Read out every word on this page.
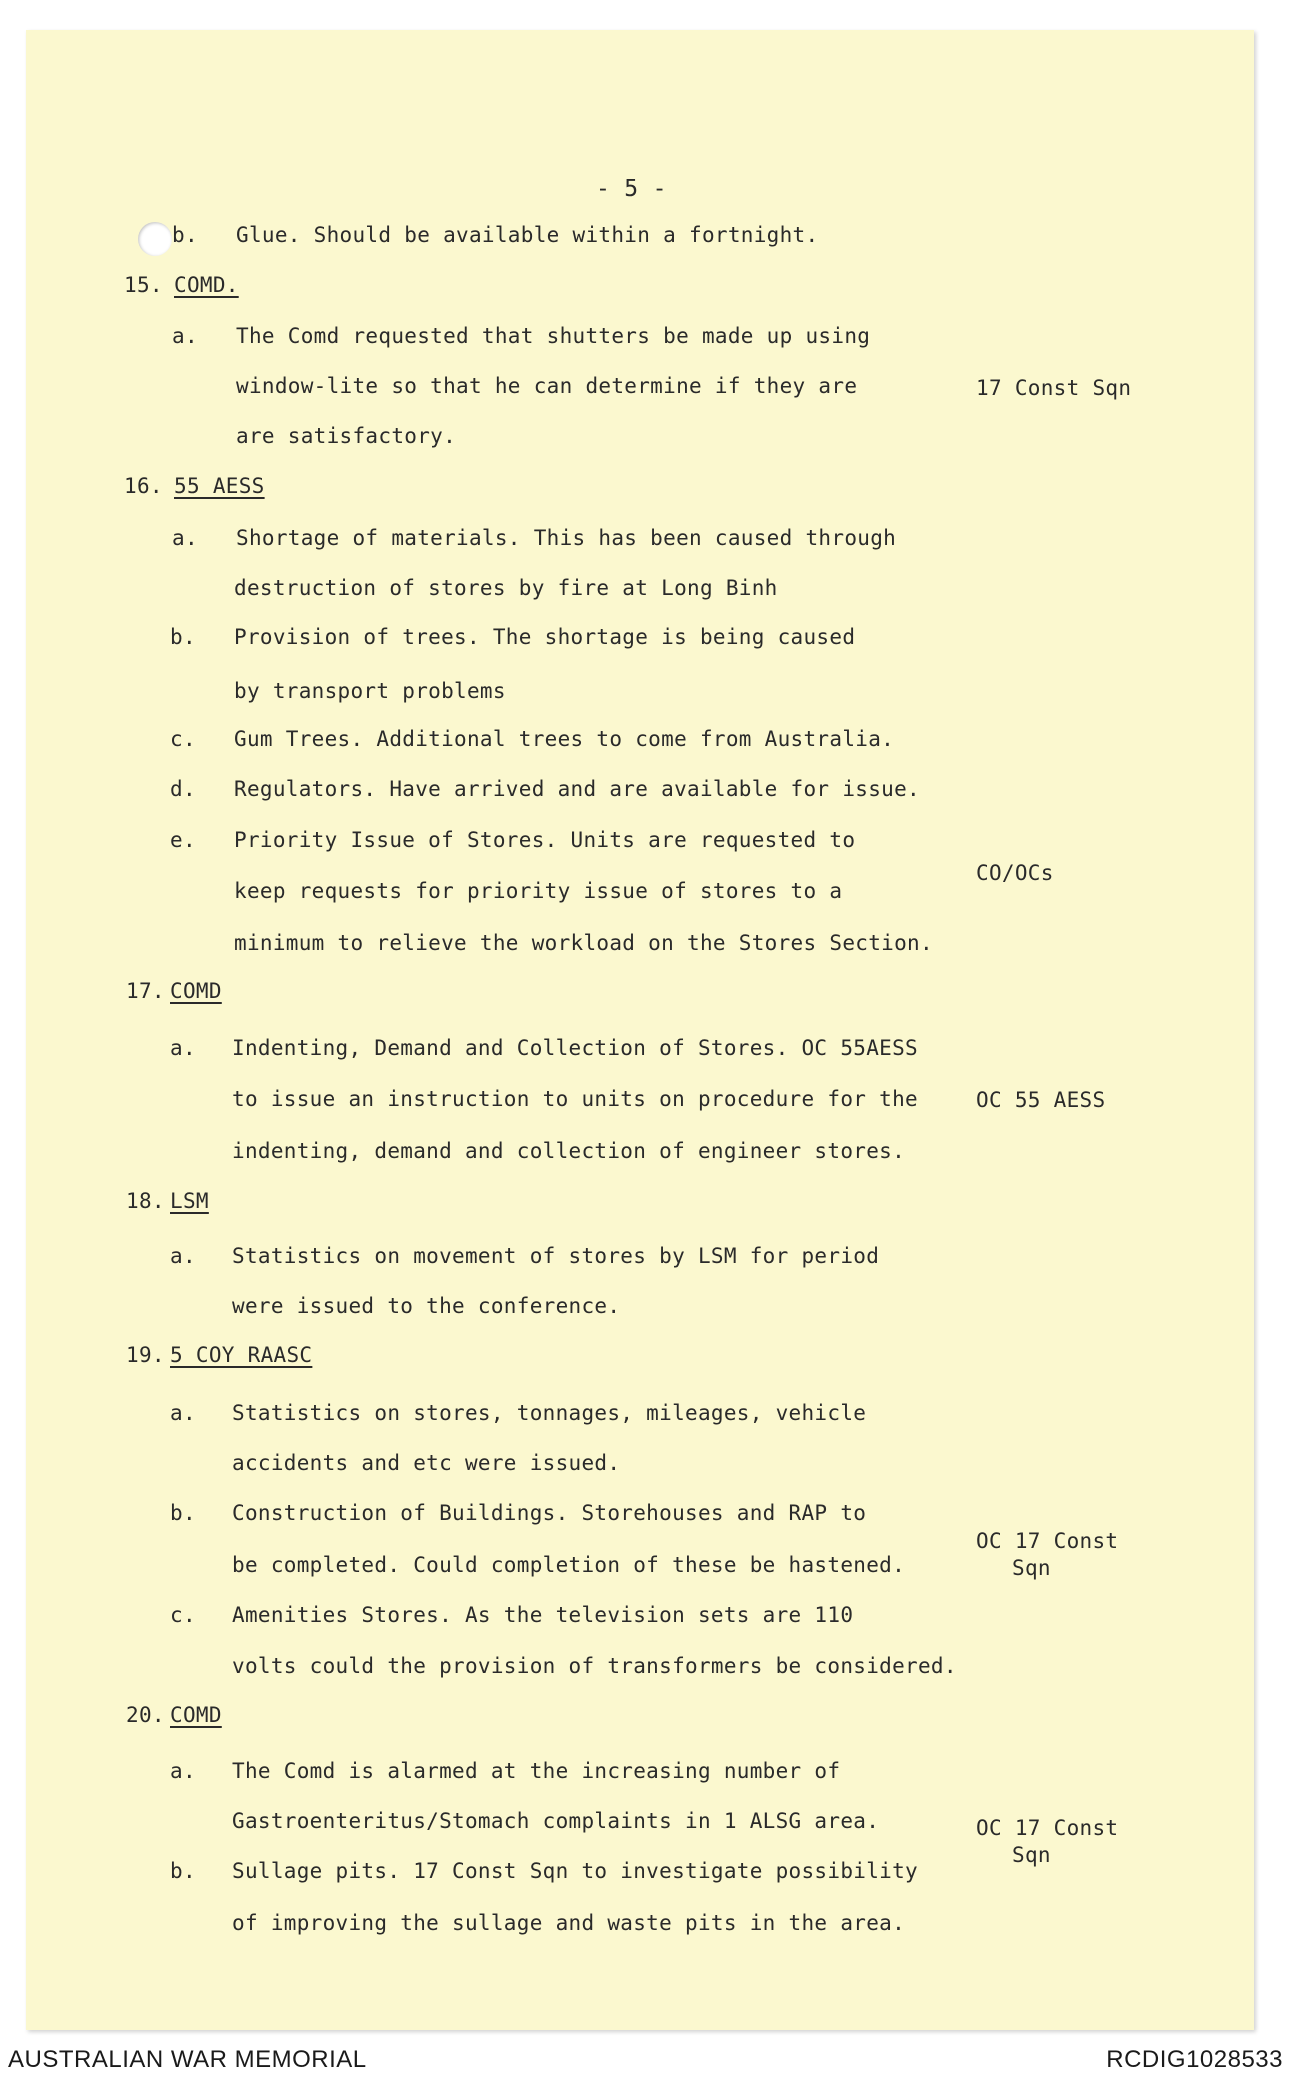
- 5 -
b. Glue. Should be available within a fortnight.
15. COMD.
a. The Comd requested that shutters be made up using
window-lite so that he can determine if they are
are satisfactory.
16. 55 AESS
a. Shortage of materials. This has been caused through
destruction of stores by fire at Long Binh
b. Provision of trees. The shortage is being caused
by transport problems
c. Gum Trees. Additional trees to come from Australia.
d. Regulators. Have arrived and are available for issue.
e. Priority Issue of Stores. Units are requested to
keep requests for priority issue of stores to a
minimum to relieve the workload on the Stores Section.
17. COMD
a. Indenting, Demand and Collection of Stores. OC 55AESS
to issue an instruction to units on procedure for the
indenting, demand and collection of engineer stores.
18. LSM
a. Statistics on movement of stores by LSM for period
were issued to the conference.
19. 5 COY RAASC
a. Statistics on stores, tonnages, mileages, vehicle
accidents and etc were issued.
b. Construction of Buildings. Storehouses and RAP to
be completed. Could completion of these be hastened.
c. Amenities Stores. As the television sets are 110
volts could the provision of transformers be considered.
20. COMD
a. The Comd is alarmed at the increasing number of
Gastroenteritus/Stomach complaints in 1 ALSG area.
b. Sullage pits. 17 Const Sqn to investigate possibility
of improving the sullage and waste pits in the area.
17 Const Sqn
CO/OCs
OC 55 AESS
OC 17 Const
Sqn
OC 17 Const
Sqn
AUSTRALIAN WAR MEMORIAL	RCDIG1028533
